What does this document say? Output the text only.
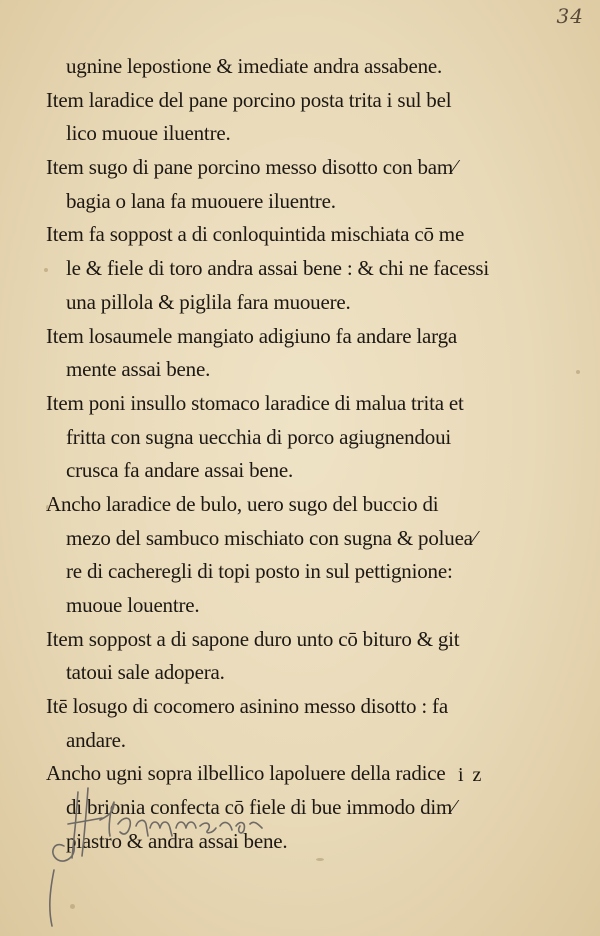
34
ugnine lepostione & imediate andra assabene.
Item laradice del pane porcino posta trita i sul bel
lico muoue iluentre.
Item sugo di pane porcino messo disotto con bam⁄
bagia o lana fa muouere iluentre.
Item fa soppost a di conloquintida mischiata cō me
le & fiele di toro andra assai bene : & chi ne facessi
una pillola & piglila fara muouere.
Item losaumele mangiato adigiuno fa andare larga
mente assai bene.
Item poni insullo stomaco laradice di malua trita et
fritta con sugna uecchia di porco agiugnendoui
crusca fa andare assai bene.
Ancho laradice de bulo, uero sugo del buccio di
mezo del sambuco mischiato con sugna & poluea⁄
re di cacheregli di topi posto in sul pettignione:
muoue louentre.
Item soppost a di sapone duro unto cō bituro & git
tatoui sale adopera.
Itē losugo di cocomero asinino messo disotto : fa
andare.
Ancho ugni sopra ilbellico lapoluere della radice
di brionia confecta cō fiele di bue immodo dim⁄
piastro & andra assai bene.
i z
